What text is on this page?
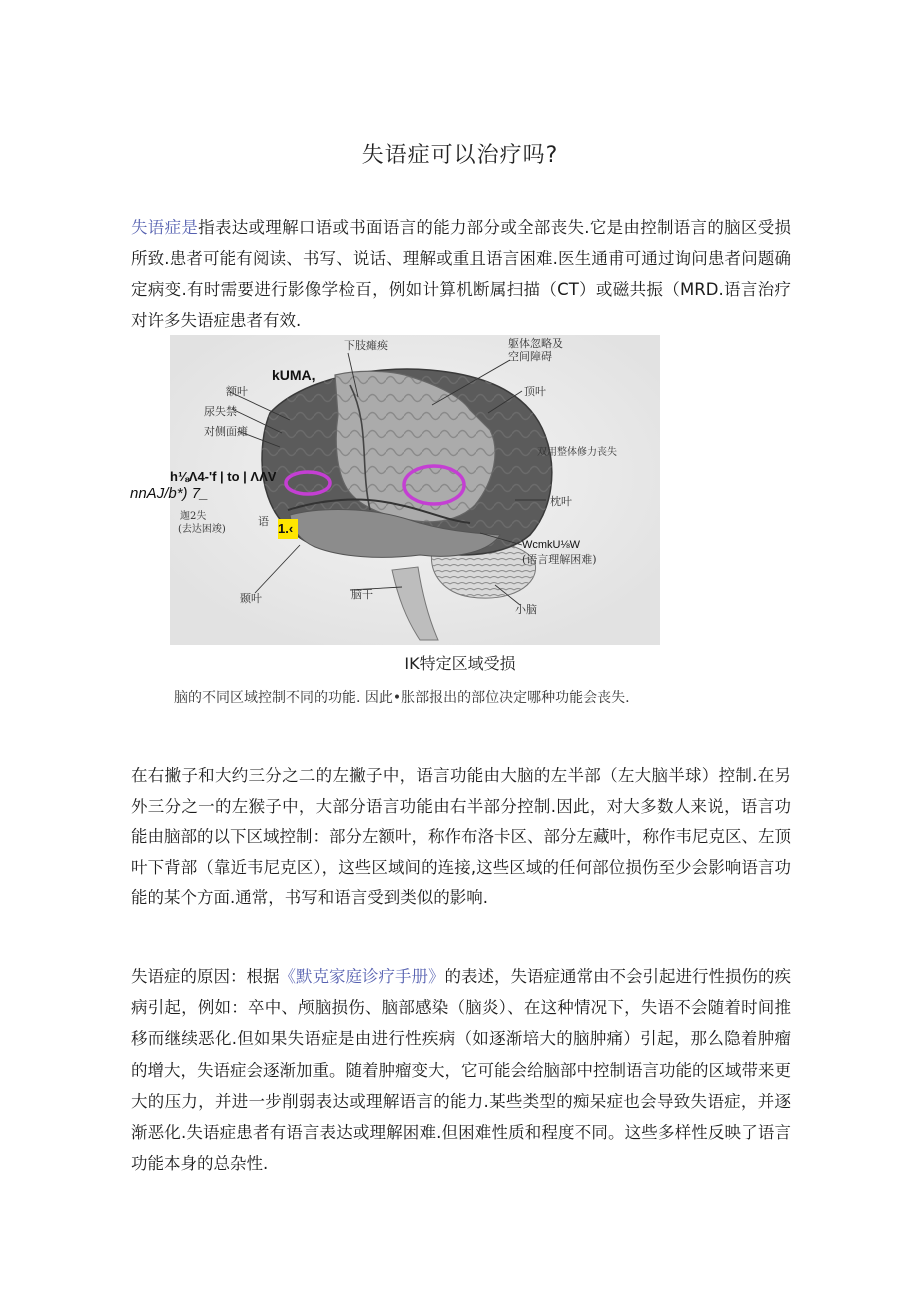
失语症可以治疗吗?

失语症是指表达或理解口语或书面语言的能力部分或全部丧失.它是由控制语言的脑区受损所致.患者可能有阅读、书写、说话、理解或重且语言困难.医生通甫可通过询问患者问题确定病变.有时需要进行影像学检百，例如计算机断属扫描（CT）或磁共振（MRD.语言治疗对许多失语症患者有效.

下肢瘫痪	躯体忽略及
空间障碍
额叶
尿失禁
对侧面瘫
顶叶
双用整体修力丧失
枕叶
(语言理解困难)
颞叶	脑干
小脑
迦2失
(去达困竣)
语
kUMA,
h⅛Λ4-'f | to | ΛΛV
nnAJ/b*) 7_
1.‹
WcmkU⅛W
IK特定区域受损
脑的不同区域控制不同的功能. 因此•胀部报出的部位决定哪种功能会丧失.

在右撇子和大约三分之二的左撇子中，语言功能由大脑的左半部（左大脑半球）控制.在另外三分之一的左猴子中，大部分语言功能由右半部分控制.因此，对大多数人来说，语言功能由脑部的以下区域控制：部分左额叶，称作布洛卡区、部分左藏叶，称作韦尼克区、左顶叶下背部（靠近韦尼克区），这些区域间的连接,这些区域的任何部位损伤至少会影响语言功能的某个方面.通常，书写和语言受到类似的影响.

失语症的原因：根据《默克家庭诊疗手册》的表述，失语症通常由不会引起进行性损伤的疾病引起，例如：卒中、颅脑损伤、脑部感染（脑炎）、在这种情况下，失语不会随着时间推移而继续恶化.但如果失语症是由进行性疾病（如逐渐培大的脑肿痛）引起，那么隐着肿瘤的增大，失语症会逐渐加重。随着肿瘤变大，它可能会给脑部中控制语言功能的区域带来更大的压力，并进一步削弱表达或理解语言的能力.某些类型的痴呆症也会导致失语症，并逐渐恶化.失语症患者有语言表达或理解困难.但困难性质和程度不同。这些多样性反映了语言功能本身的总杂性.
